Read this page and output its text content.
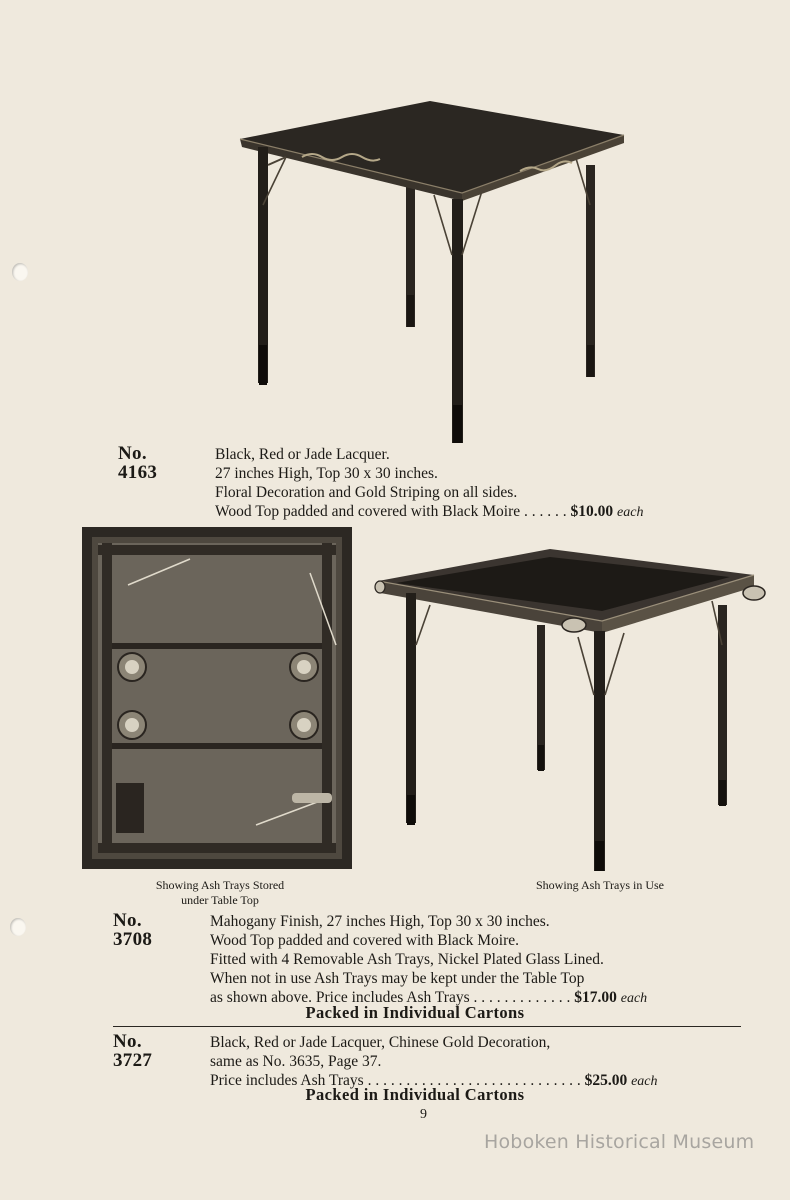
No. 4163
Black, Red or Jade Lacquer.
27 inches High, Top 30 x 30 inches.
Floral Decoration and Gold Striping on all sides.
Wood Top padded and covered with Black Moire . . . . . . $10.00 each
Showing Ash Trays Stored
under Table Top
Showing Ash Trays in Use
No. 3708
Mahogany Finish, 27 inches High, Top 30 x 30 inches.
Wood Top padded and covered with Black Moire.
Fitted with 4 Removable Ash Trays, Nickel Plated Glass Lined.
When not in use Ash Trays may be kept under the Table Top
as shown above. Price includes Ash Trays . . . . . . . . . . . . . $17.00 each
Packed in Individual Cartons
No. 3727
Black, Red or Jade Lacquer, Chinese Gold Decoration,
same as No. 3635, Page 37.
Price includes Ash Trays . . . . . . . . . . . . . . . . . . . . . . . . . . . . $25.00 each
Packed in Individual Cartons
9
Hoboken Historical Museum
